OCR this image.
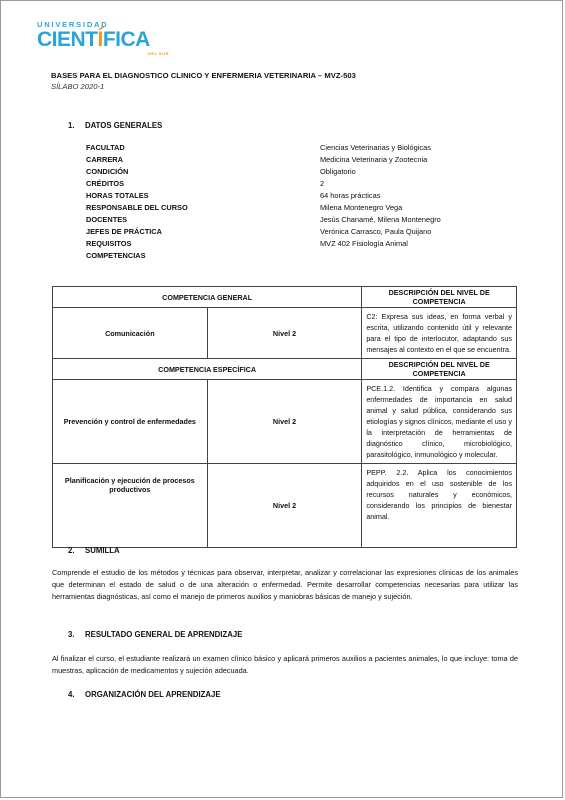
UNIVERSIDAD
CIENTÍFICA
DEL SUR
BASES PARA EL DIAGNOSTICO CLINICO Y ENFERMERIA VETERINARIA – MVZ-503
SÍLABO 2020-1
1. DATOS GENERALES
FACULTAD	Ciencias Veterinarias y Biológicas
CARRERA	Medicina Veterinaria y Zootecnia
CONDICIÓN	Obligatorio
CRÉDITOS	2
HORAS TOTALES	64 horas prácticas
RESPONSABLE DEL CURSO	Milena Montenegro Vega
DOCENTES	Jesús Chanamé, Milena Montenegro
JEFES DE PRÁCTICA	Verónica Carrasco, Paula Quijano
REQUISITOS	MVZ 402 Fisiología Animal
COMPETENCIAS
COMPETENCIA GENERAL		DESCRIPCIÓN DEL NIVEL DE COMPETENCIA
Comunicación	Nivel 2	C2: Expresa sus ideas, en forma verbal y escrita, utilizando contenido útil y relevante para el tipo de interlocutor, adaptando sus mensajes al contexto en el que se encuentra.
COMPETENCIA ESPECÍFICA		DESCRIPCIÓN DEL NIVEL DE COMPETENCIA
Prevención y control de enfermedades	Nivel 2	PCE.1.2. Identifica y compara algunas enfermedades de importancia en salud animal y salud pública, considerando sus etiologías y signos clínicos, mediante el uso y la interpretación de herramientas de diagnóstico clínico, microbiológico, parasitológico, inmunológico y molecular.
Planificación y ejecución de procesos productivos	Nivel 2	PEPP. 2.2. Aplica los conocimientos adquiridos en el uso sostenible de los recursos naturales y económicos, considerando los principios de bienestar animal.
2. SUMILLA
Comprende el estudio de los métodos y técnicas para observar, interpretar, analizar y correlacionar las expresiones clínicas de los animales que determinan el estado de salud o de una alteración o enfermedad. Permite desarrollar competencias necesarias para utilizar las herramientas diagnósticas, así como el manejo de primeros auxilios y maniobras básicas de manejo y sujeción.
3. RESULTADO GENERAL DE APRENDIZAJE
Al finalizar el curso, el estudiante realizará un examen clínico básico y aplicará primeros auxilios a pacientes animales, lo que incluye: toma de muestras, aplicación de medicamentos y sujeción adecuada.
4. ORGANIZACIÓN DEL APRENDIZAJE
